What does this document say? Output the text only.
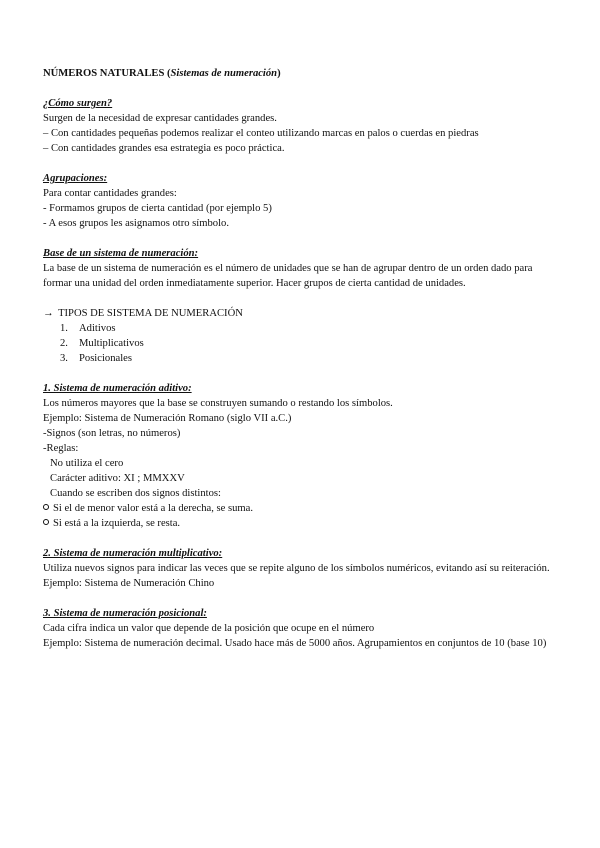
NÚMEROS NATURALES (Sistemas de numeración)

¿Cómo surgen?

Surgen de la necesidad de expresar cantidades grandes.

– Con cantidades pequeñas podemos realizar el conteo utilizando marcas en palos o cuerdas en piedras

– Con cantidades grandes esa estrategia es poco práctica.

Agrupaciones:

Para contar cantidades grandes:

- Formamos grupos de cierta cantidad (por ejemplo 5)

- A esos grupos les asignamos otro símbolo.

Base de un sistema de numeración:

La base de un sistema de numeración es el número de unidades que se han de agrupar dentro de un orden dado para formar una unidad del orden inmediatamente superior. Hacer grupos de cierta cantidad de unidades.

→ TIPOS DE SISTEMA DE NUMERACIÓN

1. Aditivos
2. Multiplicativos
3. Posicionales

1. Sistema de numeración aditivo:

Los números mayores que la base se construyen sumando o restando los símbolos.

Ejemplo: Sistema de Numeración Romano (siglo VII a.C.)

-Signos (son letras, no números)

-Reglas:

No utiliza el cero

Carácter aditivo: XI ; MMXXV

Cuando se escriben dos signos distintos:

Si el de menor valor está a la derecha, se suma.

Si está a la izquierda, se resta.

2. Sistema de numeración multiplicativo:

Utiliza nuevos signos para indicar las veces que se repite alguno de los símbolos numéricos, evitando así su reiteración. Ejemplo: Sistema de Numeración Chino

3. Sistema de numeración posicional:

Cada cifra indica un valor que depende de la posición que ocupe en el número

Ejemplo: Sistema de numeración decimal. Usado hace más de 5000 años. Agrupamientos en conjuntos de 10 (base 10)
